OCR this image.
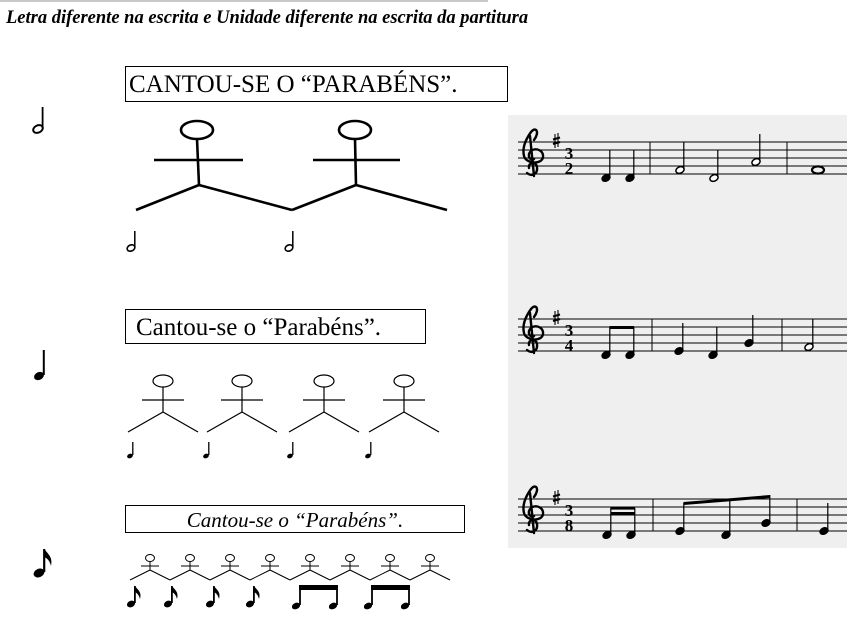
Letra diferente na escrita e Unidade diferente na escrita da partitura
CANTOU-SE O “PARABÉNS”.
Cantou-se o “Parabéns”.
Cantou-se o “Parabéns”.
3
2
3
4
3
8
